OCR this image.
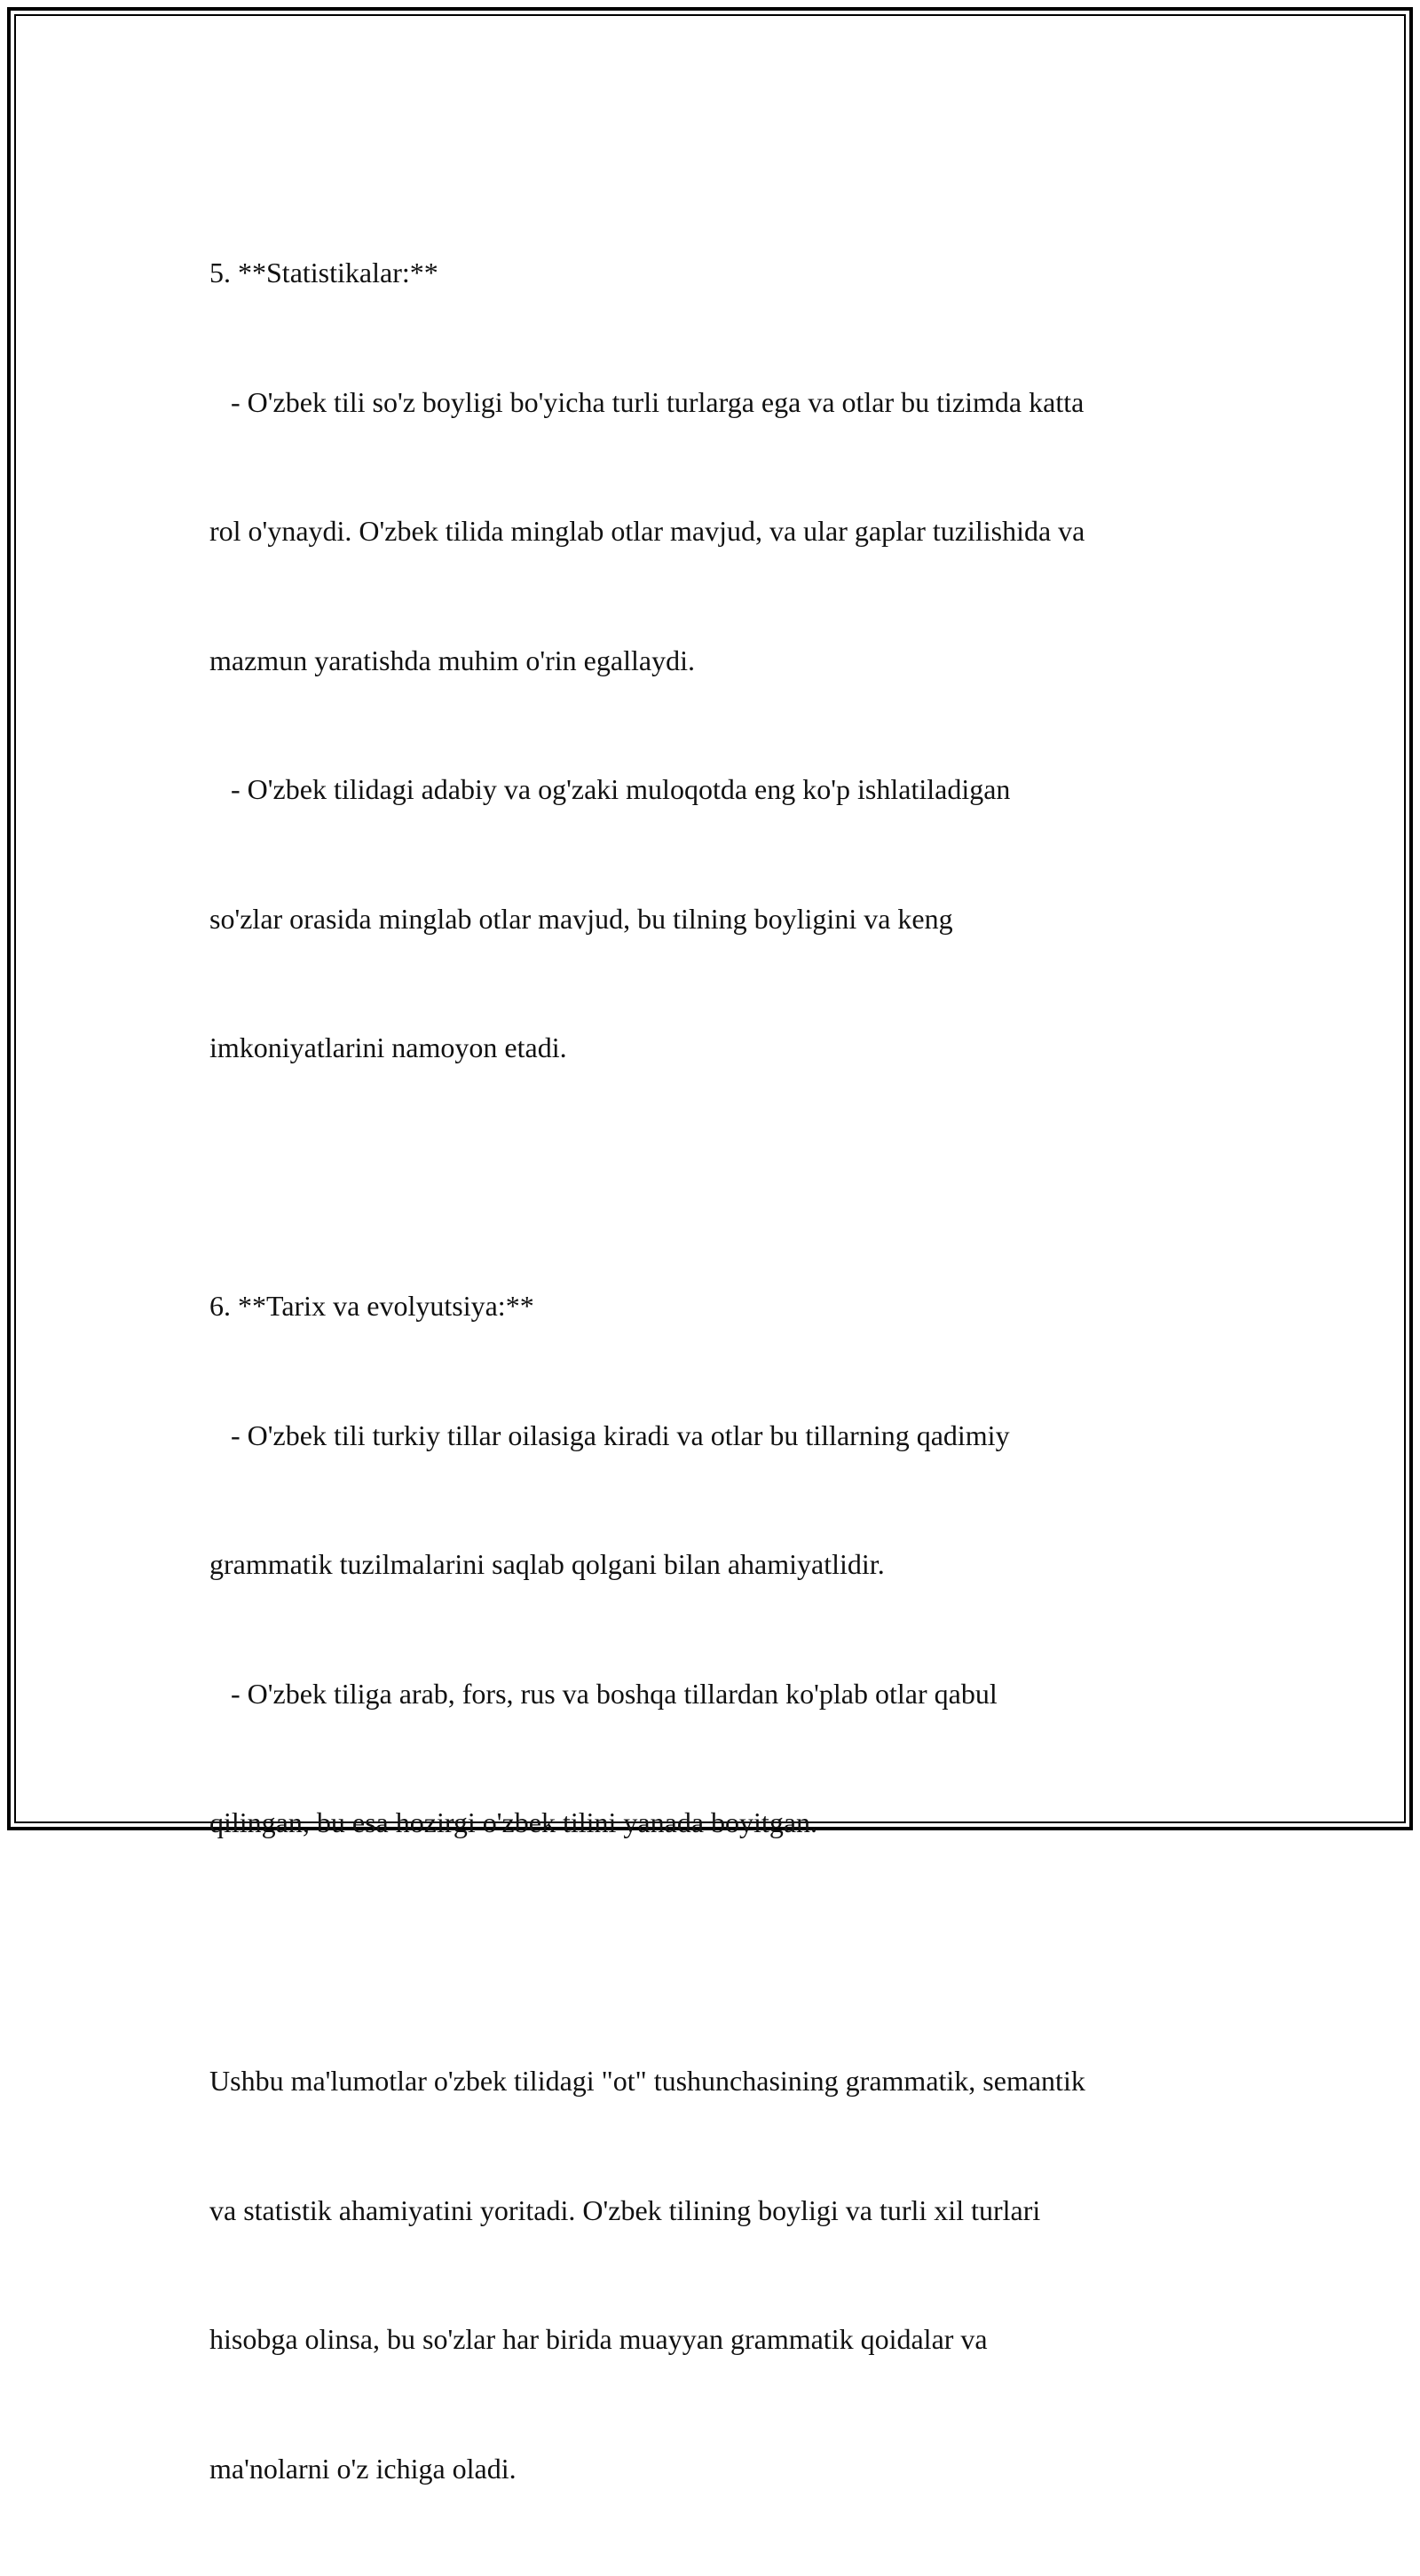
5. **Statistikalar:**

- O'zbek tili so'z boyligi bo'yicha turli turlarga ega va otlar bu tizimda katta

rol o'ynaydi. O'zbek tilida minglab otlar mavjud, va ular gaplar tuzilishida va

mazmun yaratishda muhim o'rin egallaydi.

- O'zbek tilidagi adabiy va og'zaki muloqotda eng ko'p ishlatiladigan

so'zlar orasida minglab otlar mavjud, bu tilning boyligini va keng

imkoniyatlarini namoyon etadi.

6. **Tarix va evolyutsiya:**

- O'zbek tili turkiy tillar oilasiga kiradi va otlar bu tillarning qadimiy

grammatik tuzilmalarini saqlab qolgani bilan ahamiyatlidir.

- O'zbek tiliga arab, fors, rus va boshqa tillardan ko'plab otlar qabul

qilingan, bu esa hozirgi o'zbek tilini yanada boyitgan.

Ushbu ma'lumotlar o'zbek tilidagi "ot" tushunchasining grammatik, semantik

va statistik ahamiyatini yoritadi. O'zbek tilining boyligi va turli xil turlari

hisobga olinsa, bu so'zlar har birida muayyan grammatik qoidalar va

ma'nolarni o'z ichiga oladi.
